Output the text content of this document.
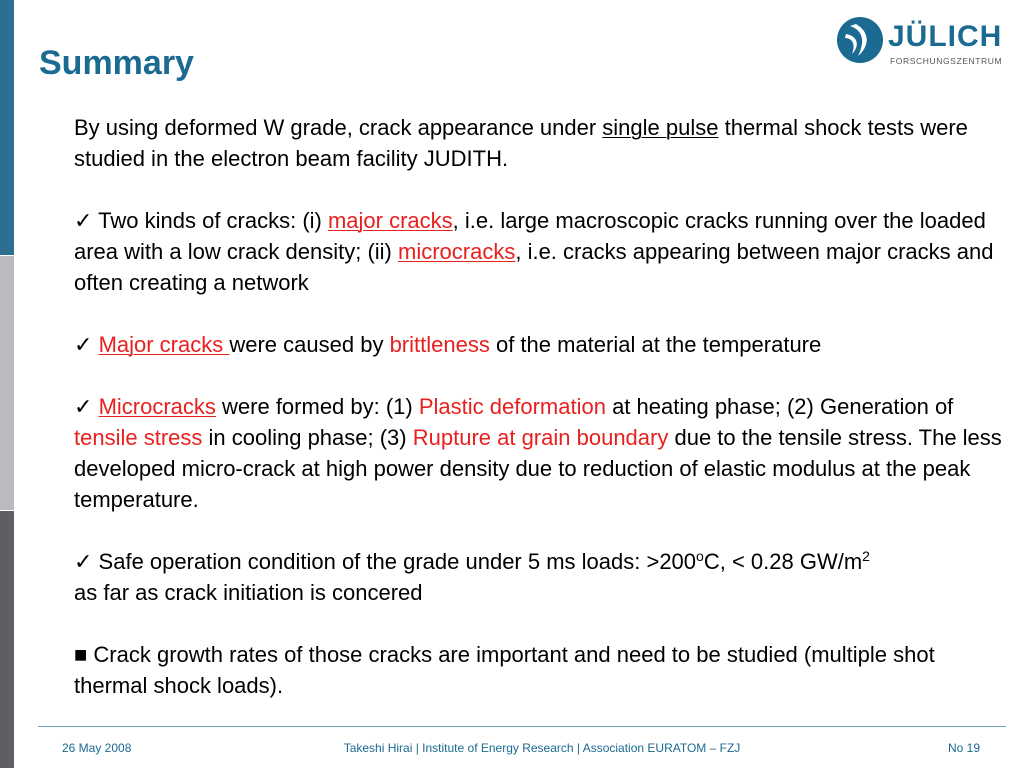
Summary
JÜLICH
FORSCHUNGSZENTRUM

By using deformed W grade, crack appearance under single pulse thermal shock tests were studied in the electron beam facility JUDITH.

✓ Two kinds of cracks: (i) major cracks, i.e. large macroscopic cracks running over the loaded area with a low crack density; (ii) microcracks, i.e. cracks appearing between major cracks and often creating a network

✓ Major cracks were caused by brittleness of the material at the temperature

✓ Microcracks were formed by: (1) Plastic deformation at heating phase; (2) Generation of tensile stress in cooling phase; (3) Rupture at grain boundary due to the tensile stress. The less developed micro-crack at high power density due to reduction of elastic modulus at the peak temperature.

✓ Safe operation condition of the grade under 5 ms loads: $>200^oC$, < 0.28 $GW/m^2$
as far as crack initiation is concered

■ Crack growth rates of those cracks are important and need to be studied (multiple shot thermal shock loads).

26 May 2008	Takeshi Hirai | Institute of Energy Research | Association EURATOM – FZJ	No 19
